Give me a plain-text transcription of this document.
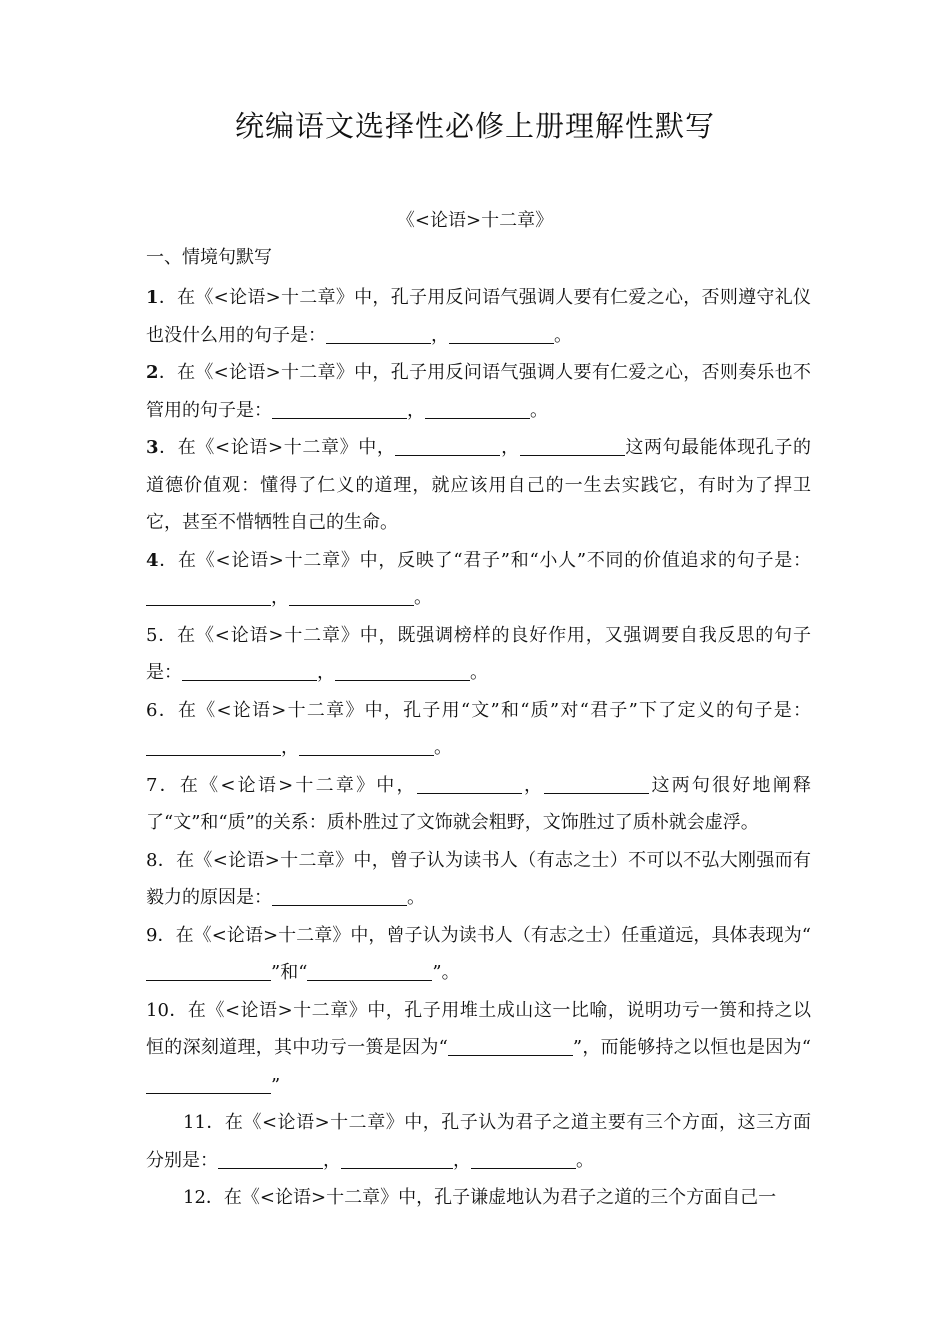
统编语文选择性必修上册理解性默写
《<论语>十二章》
一、情境句默写

1．在《<论语>十二章》中，孔子用反问语气强调人要有仁爱之心，否则遵守礼仪也没什么用的句子是：	，	。

2．在《<论语>十二章》中，孔子用反问语气强调人要有仁爱之心，否则奏乐也不管用的句子是：	，	。

3．在《<论语>十二章》中，	，	这两句最能体现孔子的道德价值观：懂得了仁义的道理，就应该用自己的一生去实践它，有时为了捍卫它，甚至不惜牺牲自己的生命。

4．在《<论语>十二章》中，反映了“君子”和“小人”不同的价值追求的句子是：，	。

5．在《<论语>十二章》中，既强调榜样的良好作用，又强调要自我反思的句子是：	，	。

6．在《<论语>十二章》中，孔子用“文”和“质”对“君子”下了定义的句子是：，	。

7．在《<论语>十二章》中，	，	这两句很好地阐释了“文”和“质”的关系：质朴胜过了文饰就会粗野，文饰胜过了质朴就会虚浮。

8．在《<论语>十二章》中，曾子认为读书人（有志之士）不可以不弘大刚强而有毅力的原因是：	。

9．在《<论语>十二章》中，曾子认为读书人（有志之士）任重道远，具体表现为“”和“	”。

10．在《<论语>十二章》中，孔子用堆土成山这一比喻，说明功亏一篑和持之以恒的深刻道理，其中功亏一篑是因为“	”，而能够持之以恒也是因为“”

11．在《<论语>十二章》中，孔子认为君子之道主要有三个方面，这三方面分别是：	，	，	。

12．在《<论语>十二章》中，孔子谦虚地认为君子之道的三个方面自己一
